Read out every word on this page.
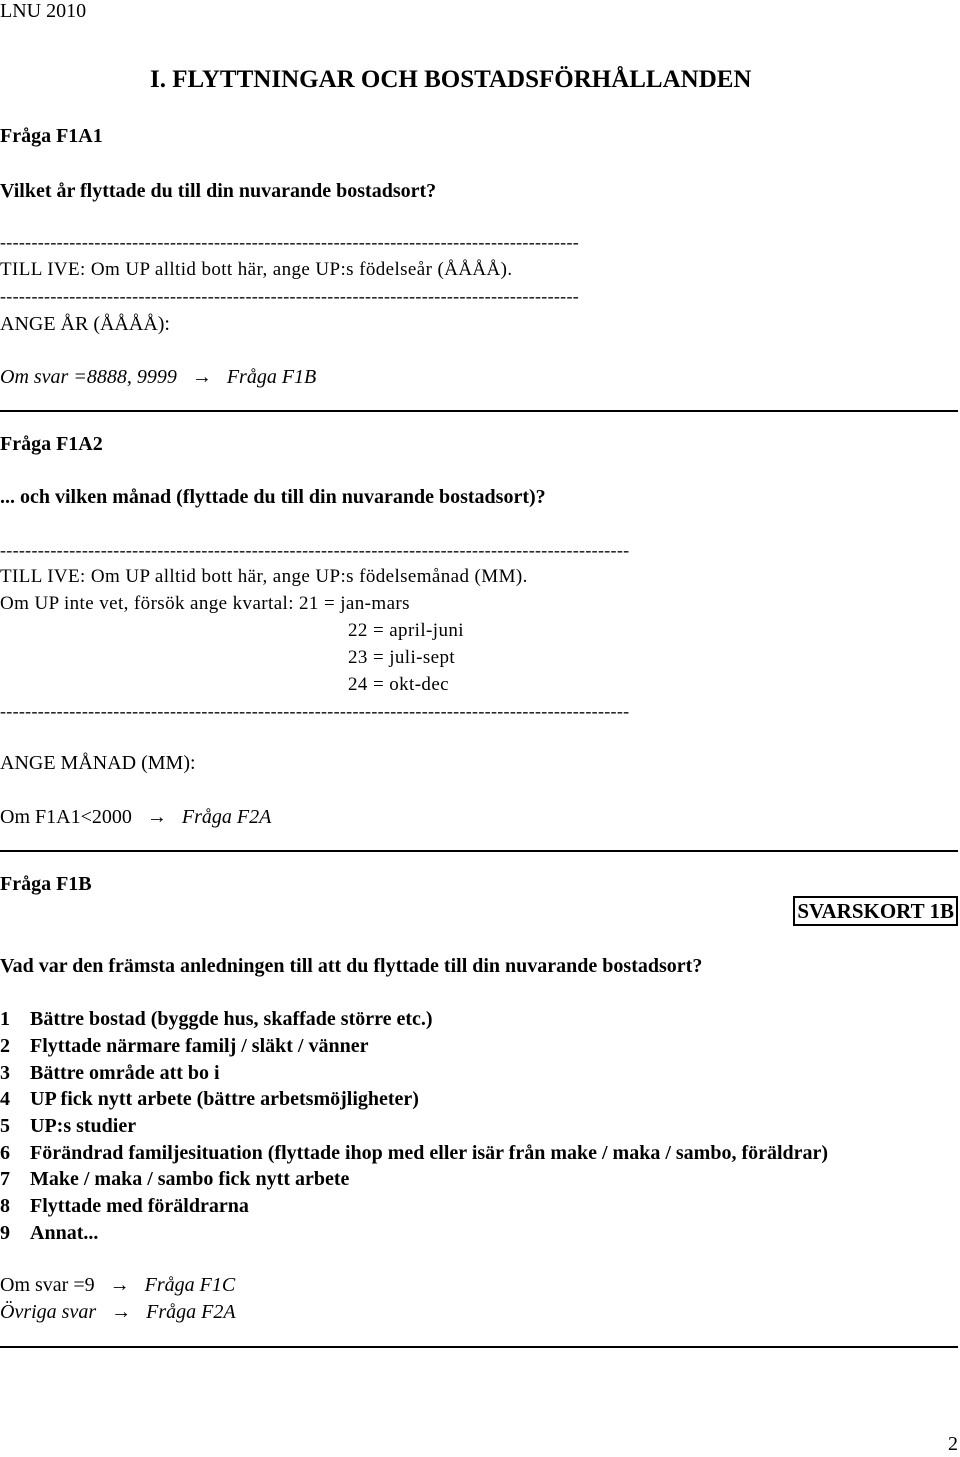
LNU 2010
I. FLYTTNINGAR OCH BOSTADSFÖRHÅLLANDEN
Fråga F1A1
Vilket år flyttade du till din nuvarande bostadsort?
--------------------------------------------------------------------------------------------
TILL IVE: Om UP alltid bott här, ange UP:s födelseår (ÅÅÅÅ).
--------------------------------------------------------------------------------------------
ANGE ÅR (ÅÅÅÅ):
Om svar =8888, 9999 → Fråga F1B
Fråga F1A2
... och vilken månad (flyttade du till din nuvarande bostadsort)?
----------------------------------------------------------------------------------------------------
TILL IVE: Om UP alltid bott här, ange UP:s födelsemånad (MM).
Om UP inte vet, försök ange kvartal: 21 = jan-mars
22 = april-juni
23 = juli-sept
24 = okt-dec
----------------------------------------------------------------------------------------------------
ANGE MÅNAD (MM):
Om F1A1<2000 → Fråga F2A
Fråga F1B
SVARSKORT 1B
Vad var den främsta anledningen till att du flyttade till din nuvarande bostadsort?
1 Bättre bostad (byggde hus, skaffade större etc.)
2 Flyttade närmare familj / släkt / vänner
3 Bättre område att bo i
4 UP fick nytt arbete (bättre arbetsmöjligheter)
5 UP:s studier
6 Förändrad familjesituation (flyttade ihop med eller isär från make / maka / sambo, föräldrar)
7 Make / maka / sambo fick nytt arbete
8 Flyttade med föräldrarna
9 Annat...
Om svar =9 → Fråga F1C
Övriga svar → Fråga F2A
2
